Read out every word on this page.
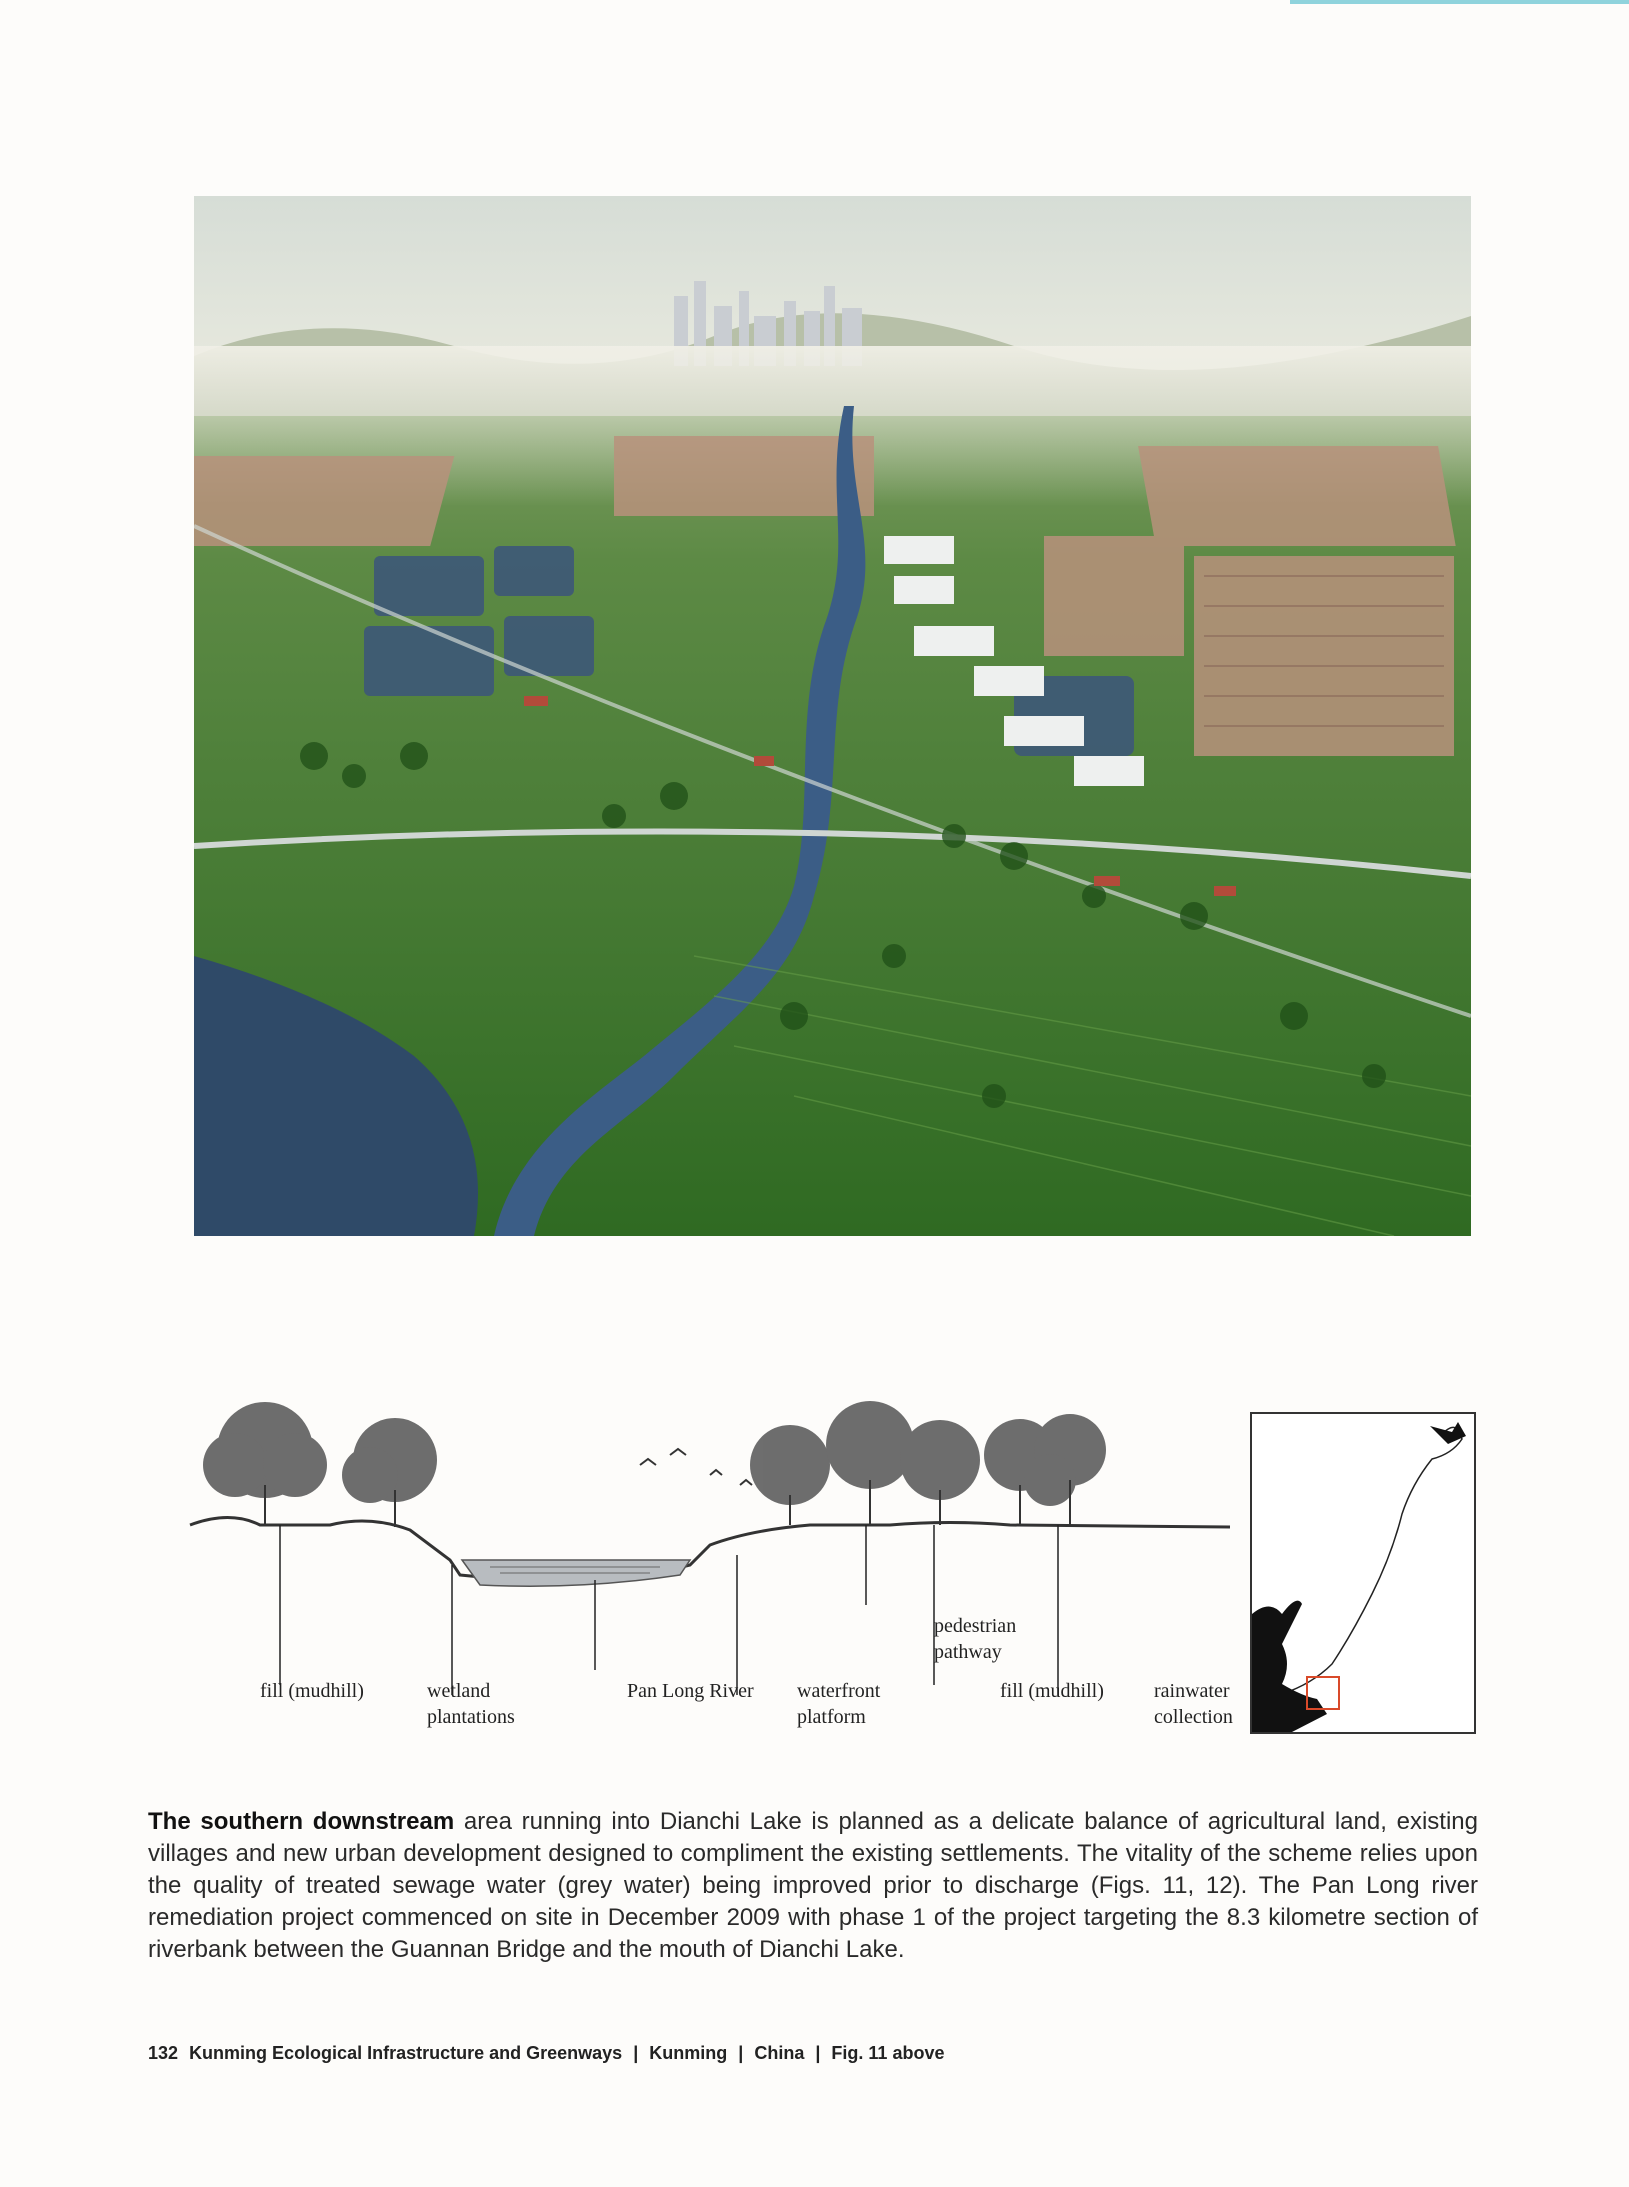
fill (mudhill)	wetland
plantations
Pan Long River waterfront
platform
pedestrian
pathway
fill (mudhill)	rainwater
collection

The southern downstream area running into Dianchi Lake is planned as a delicate balance of agricultural land, existing villages and new urban development designed to compliment the existing settlements. The vitality of the scheme relies upon the quality of treated sewage water (grey water) being improved prior to discharge (Figs. 11, 12). The Pan Long river remediation project commenced on site in December 2009 with phase 1 of the project targeting the 8.3 kilometre section of riverbank between the Guannan Bridge and the mouth of Dianchi Lake.

132 Kunming Ecological Infrastructure and Greenways | Kunming | China | Fig. 11 above
